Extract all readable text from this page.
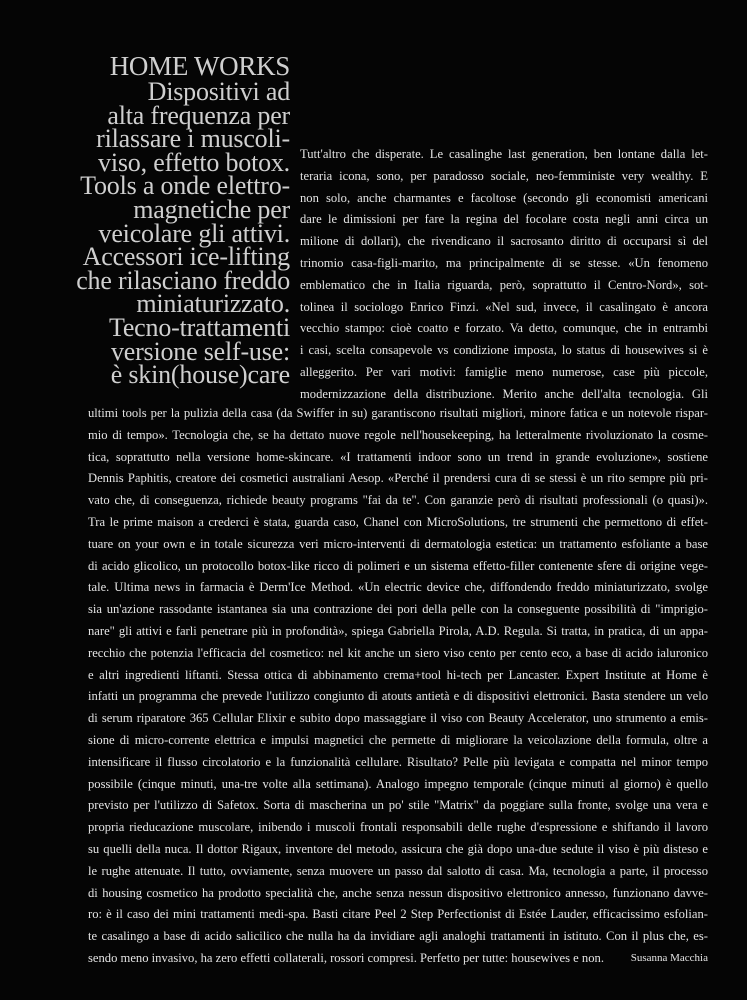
HOME WORKS
Dispositivi ad
alta frequenza per
rilassare i muscoli-
viso, effetto botox.
Tools a onde elettro-
magnetiche per
veicolare gli attivi.
Accessori ice-lifting
che rilasciano freddo
miniaturizzato.
Tecno-trattamenti
versione self-use:
è skin(house)care
Tutt'altro che disperate. Le casalinghe last generation, ben lontane dalla let-
teraria icona, sono, per paradosso sociale, neo-femministe very wealthy. E
non solo, anche charmantes e facoltose (secondo gli economisti americani
dare le dimissioni per fare la regina del focolare costa negli anni circa un
milione di dollari), che rivendicano il sacrosanto diritto di occuparsi sì del
trinomio casa-figli-marito, ma principalmente di se stesse. «Un fenomeno
emblematico che in Italia riguarda, però, soprattutto il Centro-Nord», sot-
tolinea il sociologo Enrico Finzi. «Nel sud, invece, il casalingato è ancora
vecchio stampo: cioè coatto e forzato. Va detto, comunque, che in entrambi
i casi, scelta consapevole vs condizione imposta, lo status di housewives si è
alleggerito. Per vari motivi: famiglie meno numerose, case più piccole,
modernizzazione della distribuzione. Merito anche dell'alta tecnologia. Gli
ultimi tools per la pulizia della casa (da Swiffer in su) garantiscono risultati migliori, minore fatica e un notevole rispar-
mio di tempo». Tecnologia che, se ha dettato nuove regole nell'housekeeping, ha letteralmente rivoluzionato la cosme-
tica, soprattutto nella versione home-skincare. «I trattamenti indoor sono un trend in grande evoluzione», sostiene
Dennis Paphitis, creatore dei cosmetici australiani Aesop. «Perché il prendersi cura di se stessi è un rito sempre più pri-
vato che, di conseguenza, richiede beauty programs "fai da te". Con garanzie però di risultati professionali (o quasi)».
Tra le prime maison a crederci è stata, guarda caso, Chanel con MicroSolutions, tre strumenti che permettono di effet-
tuare on your own e in totale sicurezza veri micro-interventi di dermatologia estetica: un trattamento esfoliante a base
di acido glicolico, un protocollo botox-like ricco di polimeri e un sistema effetto-filler contenente sfere di origine vege-
tale. Ultima news in farmacia è Derm'Ice Method. «Un electric device che, diffondendo freddo miniaturizzato, svolge
sia un'azione rassodante istantanea sia una contrazione dei pori della pelle con la conseguente possibilità di "imprigio-
nare" gli attivi e farli penetrare più in profondità», spiega Gabriella Pirola, A.D. Regula. Si tratta, in pratica, di un appa-
recchio che potenzia l'efficacia del cosmetico: nel kit anche un siero viso cento per cento eco, a base di acido ialuronico
e altri ingredienti liftanti. Stessa ottica di abbinamento crema+tool hi-tech per Lancaster. Expert Institute at Home è
infatti un programma che prevede l'utilizzo congiunto di atouts antietà e di dispositivi elettronici. Basta stendere un velo
di serum riparatore 365 Cellular Elixir e subito dopo massaggiare il viso con Beauty Accelerator, uno strumento a emis-
sione di micro-corrente elettrica e impulsi magnetici che permette di migliorare la veicolazione della formula, oltre a
intensificare il flusso circolatorio e la funzionalità cellulare. Risultato? Pelle più levigata e compatta nel minor tempo
possibile (cinque minuti, una-tre volte alla settimana). Analogo impegno temporale (cinque minuti al giorno) è quello
previsto per l'utilizzo di Safetox. Sorta di mascherina un po' stile "Matrix" da poggiare sulla fronte, svolge una vera e
propria rieducazione muscolare, inibendo i muscoli frontali responsabili delle rughe d'espressione e shiftando il lavoro
su quelli della nuca. Il dottor Rigaux, inventore del metodo, assicura che già dopo una-due sedute il viso è più disteso e
le rughe attenuate. Il tutto, ovviamente, senza muovere un passo dal salotto di casa. Ma, tecnologia a parte, il processo
di housing cosmetico ha prodotto specialità che, anche senza nessun dispositivo elettronico annesso, funzionano davve-
ro: è il caso dei mini trattamenti medi-spa. Basti citare Peel 2 Step Perfectionist di Estée Lauder, efficacissimo esfolian-
te casalingo a base di acido salicilico che nulla ha da invidiare agli analoghi trattamenti in istituto. Con il plus che, es-
sendo meno invasivo, ha zero effetti collaterali, rossori compresi. Perfetto per tutte: housewives e non. Susanna Macchia
